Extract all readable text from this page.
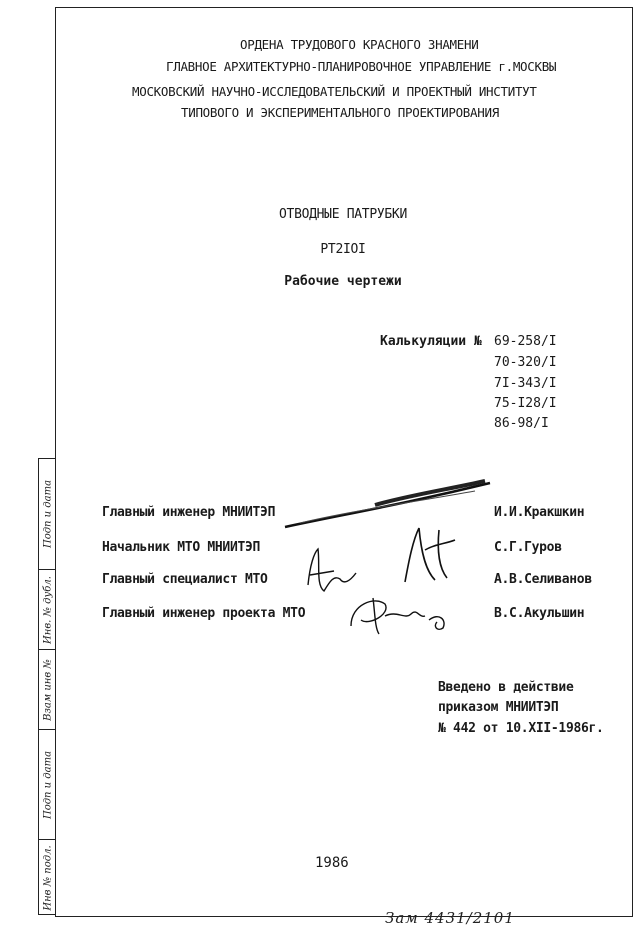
Подп и дата
Инв. № дубл.
Взам инв №
Подп и дата
Инв № подл.
ОРДЕНА ТРУДОВОГО КРАСНОГО ЗНАМЕНИ
ГЛАВНОЕ АРХИТЕКТУРНО-ПЛАНИРОВОЧНОЕ УПРАВЛЕНИЕ г.МОСКВЫ
МОСКОВСКИЙ НАУЧНО-ИССЛЕДОВАТЕЛЬСКИЙ И ПРОЕКТНЫЙ ИНСТИТУТ
ТИПОВОГО И ЭКСПЕРИМЕНТАЛЬНОГО ПРОЕКТИРОВАНИЯ
ОТВОДНЫЕ ПАТРУБКИ
РТ2IOI
Рабочие чертежи
Калькуляции № 69-258/I
70-320/I
7I-343/I
75-I28/I
86-98/I
Главный инженер МНИИТЭП	И.И.Кракшкин
Начальник МТО МНИИТЭП	С.Г.Гуров
Главный специалист МТО	А.В.Селиванов
Главный инженер проекта МТО	В.С.Акульшин
Введено в действие
приказом МНИИТЭП
№ 442 от 10.XII-1986г.
1986
Зам 4431/2101
